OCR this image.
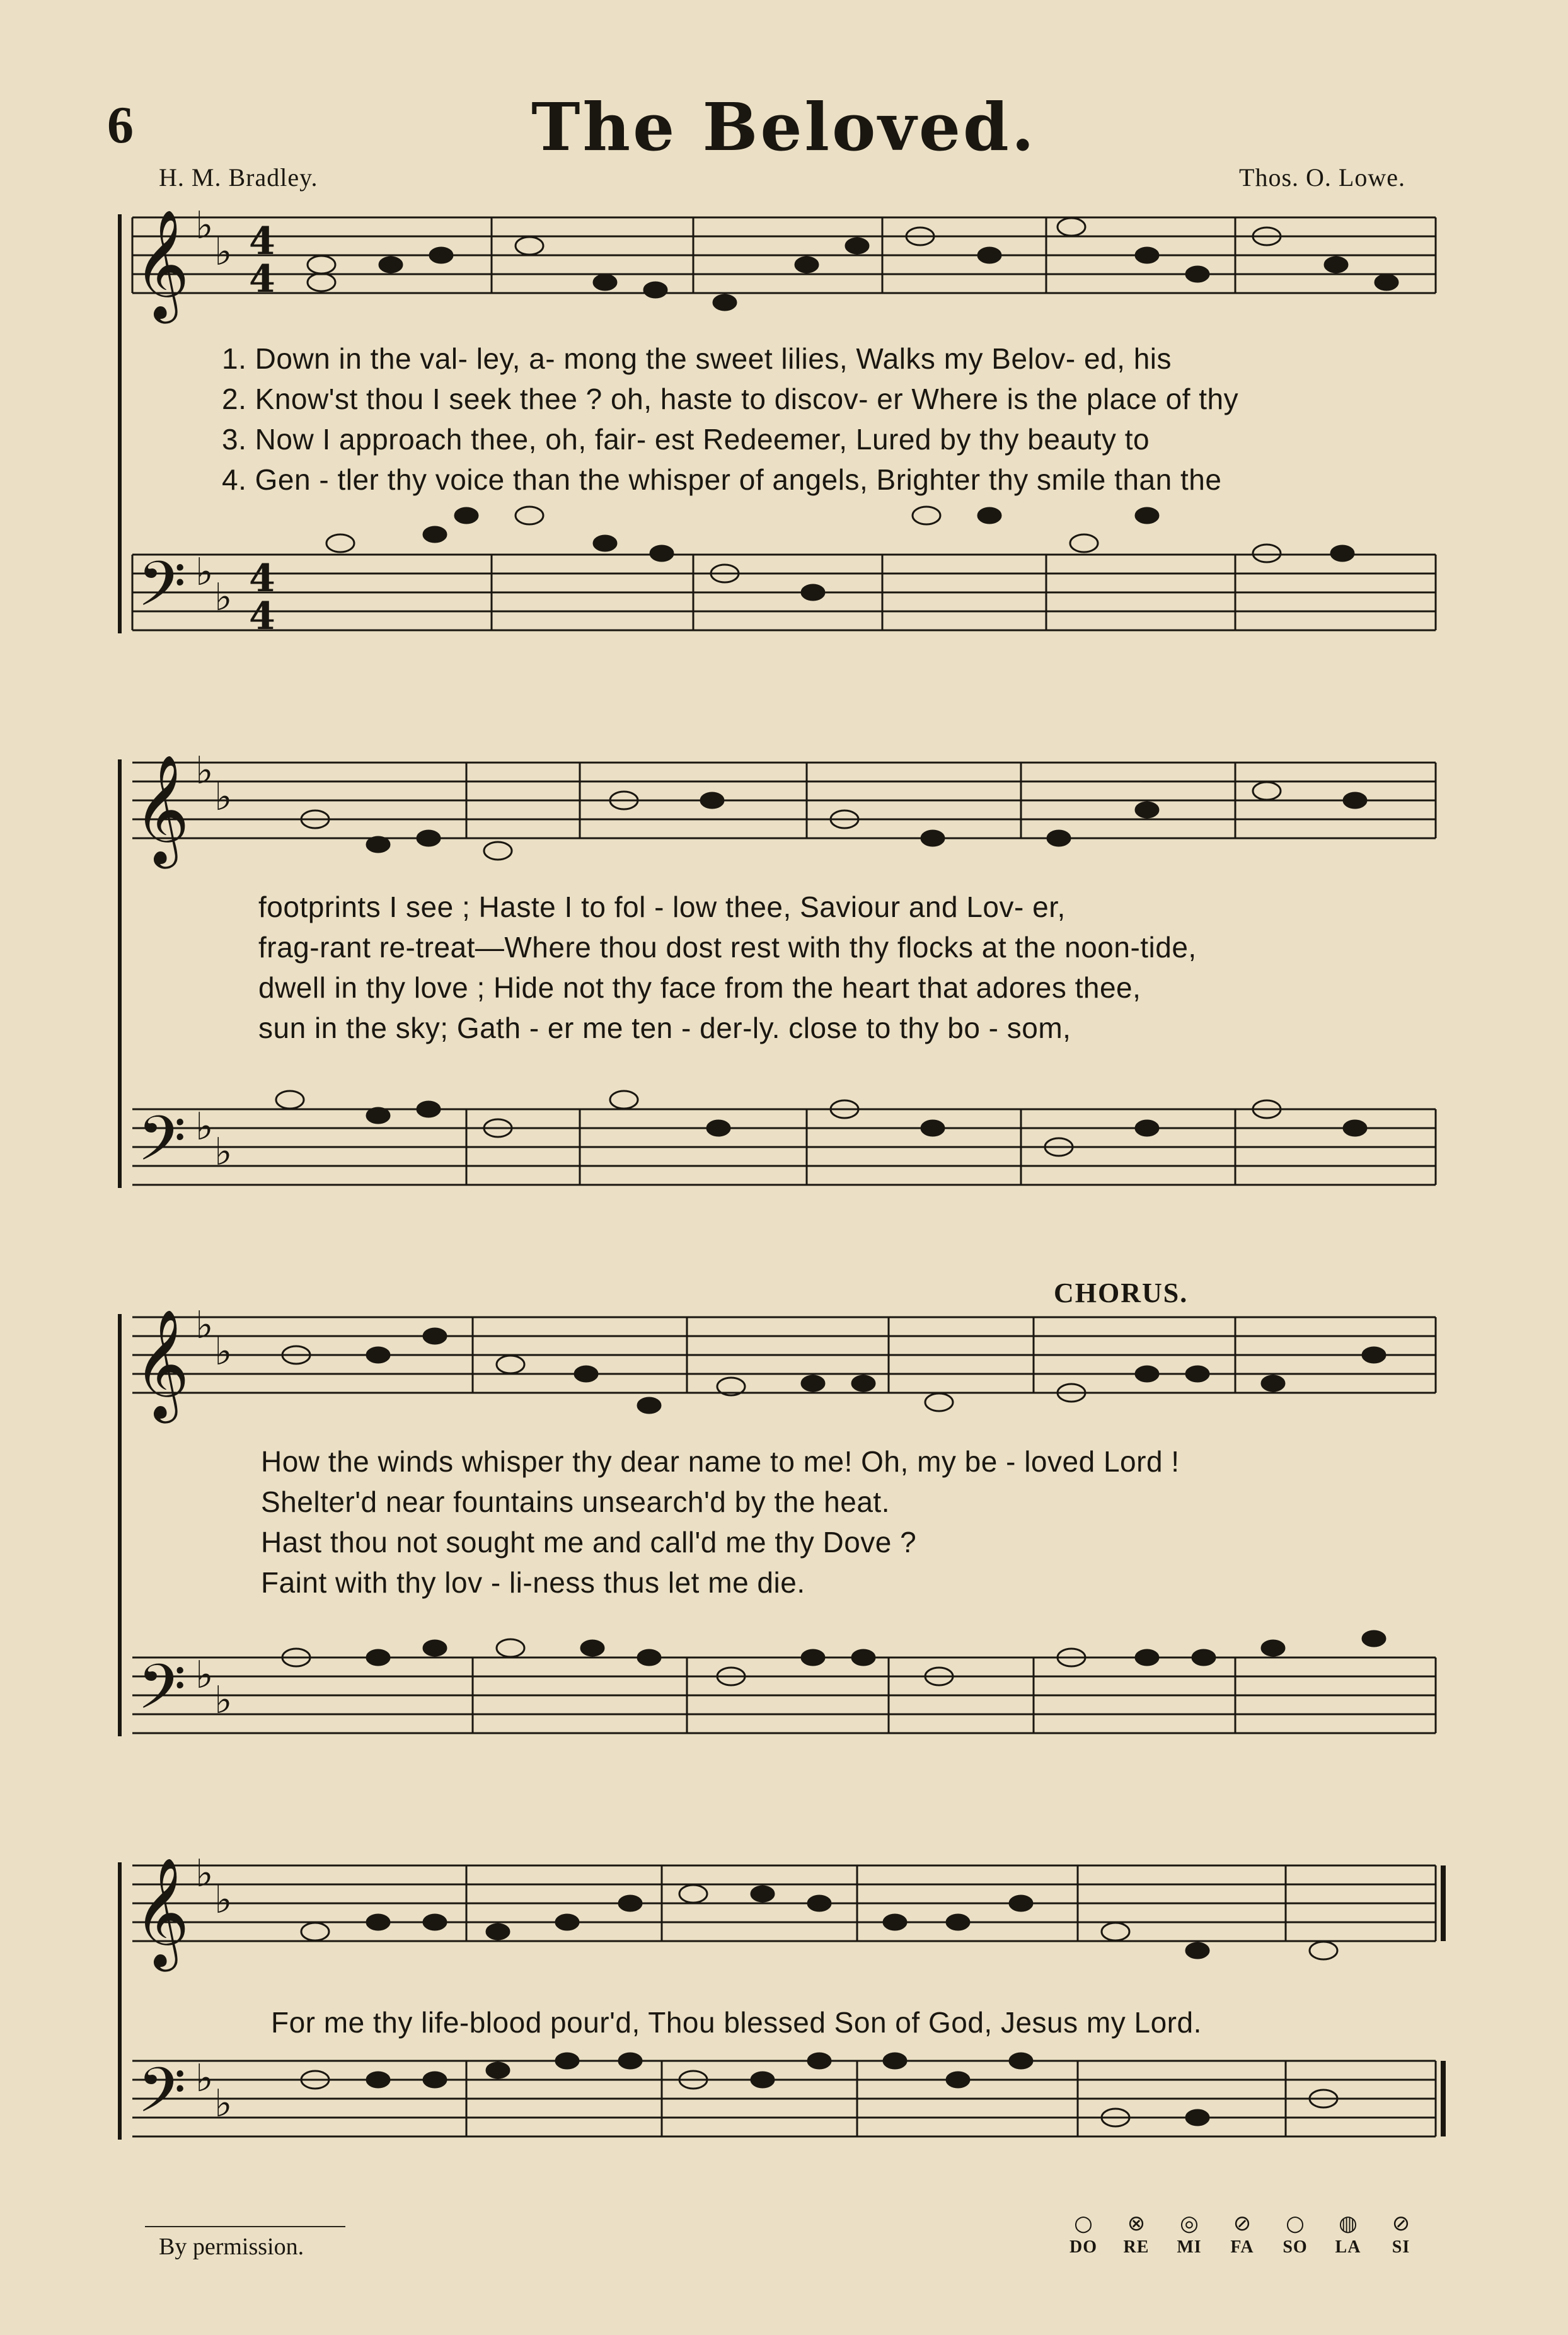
6	The Beloved.
H. M. Bradley.	Thos. O. Lowe.
𝄞
𝄢
𝄞
𝄢
𝄞
𝄢
𝄞
𝄢
♭
♭
♭
♭
♭
♭
♭
♭
♭
♭
♭
♭
♭
♭
♭
♭
4
4
4
4
1. Down in the val- ley, a- mong the sweet lilies, Walks my Belov- ed, his
2. Know'st thou I seek thee ? oh, haste to discov- er Where is the place of thy
3. Now I approach thee, oh, fair- est Redeemer, Lured by thy beauty to
4. Gen - tler thy voice than the whisper of angels, Brighter thy smile than the
footprints I see ; Haste I to fol - low thee, Saviour and Lov- er,
frag-rant re-treat—Where thou dost rest with thy flocks at the noon-tide,
dwell in thy love ; Hide not thy face from the heart that adores thee,
sun in the sky; Gath - er me ten - der-ly. close to thy bo - som,
CHORUS.
How the winds whisper thy dear name to me! Oh, my be - loved Lord !
Shelter'd near fountains unsearch'd by the heat.
Hast thou not sought me and call'd me thy Dove ?
Faint with thy lov - li-ness thus let me die.
For me thy life-blood pour'd, Thou blessed Son of God, Jesus my Lord.
By permission.
○
DO
⊗
RE
◎
MI
⊘
FA
○
SO
◍
LA
⊘
SI
